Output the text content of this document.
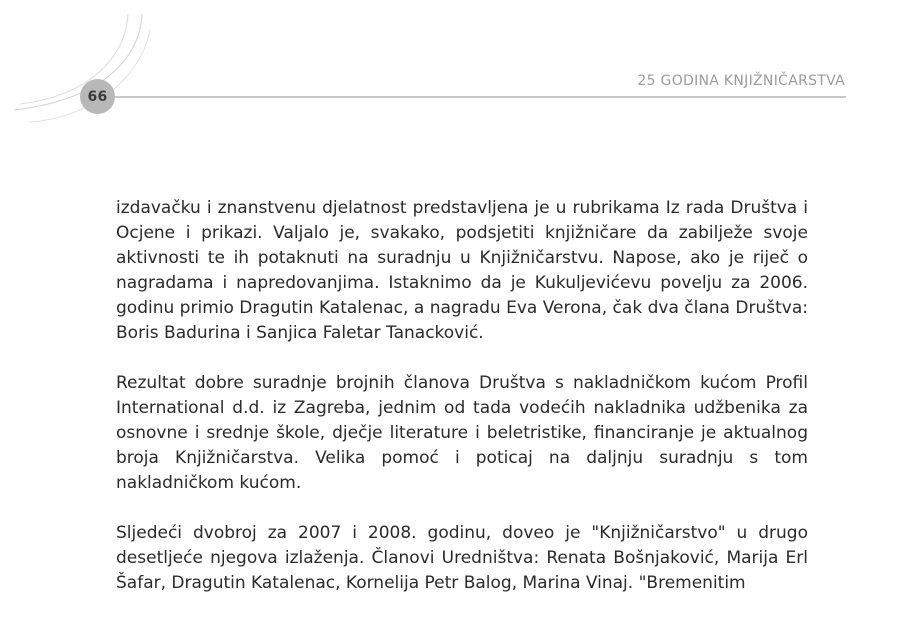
66
25 GODINA KNJIŽNIČARSTVA

izdavačku i znanstvenu djelatnost predstavljena je u rubrikama Iz rada Društva i Ocjene i prikazi. Valjalo je, svakako, podsjetiti knjižničare da zabilježe svoje aktivnosti te ih potaknuti na suradnju u Knjižničarstvu. Napose, ako je riječ o nagradama i napredovanjima. Istaknimo da je Kukuljevićevu povelju za 2006. godinu primio Dragutin Katalenac, a nagradu Eva Verona, čak dva člana Društva: Boris Badurina i Sanjica Faletar Tanacković.

Rezultat dobre suradnje brojnih članova Društva s nakladničkom kućom Profil International d.d. iz Zagreba, jednim od tada vodećih nakladnika udžbenika za osnovne i srednje škole, dječje literature i beletristike, financiranje je aktualnog broja Knjižničarstva. Velika pomoć i poticaj na daljnju suradnju s tom nakladničkom kućom.

Sljedeći dvobroj za 2007 i 2008. godinu, doveo je "Knjižničarstvo" u drugo desetljeće njegova izlaženja. Članovi Uredništva: Renata Bošnjaković, Marija Erl Šafar, Dragutin Katalenac, Kornelija Petr Balog, Marina Vinaj. "Bremenitim
